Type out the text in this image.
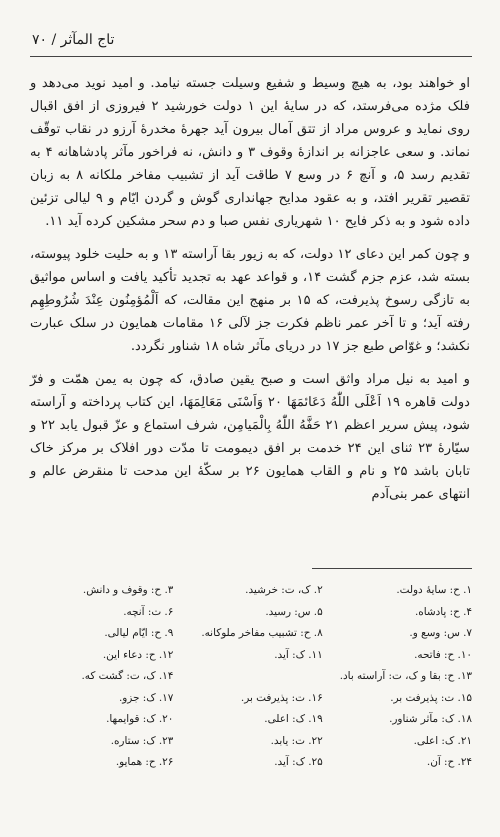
تاج المآثر / ٧٠

او خواهند بود، به هیچ وسیط و شفیع وسیلت جسته نیامد. و امید نوید می‌دهد و فلک مژده می‌فرستد، که در سایهٔ این ۱ دولت خورشید ۲ فیروزی از افق اقبال روی نماید و عروس مراد از تتق آمال بیرون آید جهرهٔ مخدرهٔ آرزو در نقاب توقّف نماند. و سعی عاجزانه بر اندازهٔ وقوف ۳ و دانش، نه فراخور مآثر پادشاهانه ۴ به تقدیم رسد ۵، و آنچ ۶ در وسع ۷ طاقت آید از تشبیب مفاخر ملکانه ۸ به زبان تقصیر تقریر افتد، و به عقود مدایح جهانداری گوش و گردن ایّام و ۹ لیالی تزئین داده شود و به ذکر فایح ۱۰ شهریاری نفس صبا و دم سحر مشکین کرده آید ۱۱.

و چون کمر این دعای ۱۲ دولت، که به زیور بقا آراسته ۱۳ و به حلیت خلود پیوسته، بسته شد، عزم جزم گشت ۱۴، و قواعد عهد به تجدید تأکید یافت و اساس مواثیق به تازگی رسوخ پذیرفت، که ۱۵ بر منهج این مقالت، که اَلْمُؤمِنُون عِنْدَ شُرُوطِهِم رفته آید؛ و تا آخر عمر ناظم فکرت جز لآلی ۱۶ مقامات همایون در سلک عبارت نکشد؛ و غوّاص طبع جز ۱۷ در دریای مآثر شاه ۱۸ شناور نگردد.

و امید به نیل مراد واثق است و صبح یقین صادق، که چون به یمن همّت و فرّ دولت قاهره ۱۹ اَعْلَی اللّٰهُ دَعَائمَهَا ۲۰ وَاَسْنَی مَعَالِمَهَا، این کتاب پرداخته و آراسته شود، پیش سریر اعظم ۲۱ حَفَّهُ اللّٰهُ بِالْمَیامِن، شرف استماع و عزّ قبول یابد ۲۲ و سیّارهٔ ۲۳ ثنای این ۲۴ خدمت بر افق دیمومت تا مدّت دور افلاک بر مرکز خاک تابان باشد ۲۵ و نام و القاب همایون ۲۶ بر سکّهٔ این مدحت تا منقرض عالم و انتهای عمر بنی‌آدم

۱. ح: سایهٔ دولت.
۲. ک، ت: خرشید.
۳. ح: وقوف و دانش.
۴. ح: پادشاه.
۵. س: رسید.
۶. ت: آنچه.
۷. س: وسع و.
۸. ح: تشبیب مفاخر ملوکانه.
۹. ح: ایّام لیالی.
۱۰. ح: فاتحه.
۱۱. ک: آید.
۱۲. ح: دعاء این.
۱۳. ح: بقا و ک، ت: آراسته باد.
۱۴. ک، ت: گشت که.
۱۵. ت: پذیرفت بر.
۱۶. ت: پذیرفت بر.
۱۷. ک: جزو.
۱۸. ک: مآثر شناور.
۱۹. ک: اعلی.
۲۰. ک: قوایمها.
۲۱. ک: اعلی.
۲۲. ت: یابد.
۲۳. ک: ستاره.
۲۴. ح: آن.
۲۵. ک: آید.
۲۶. ح: همایو.
